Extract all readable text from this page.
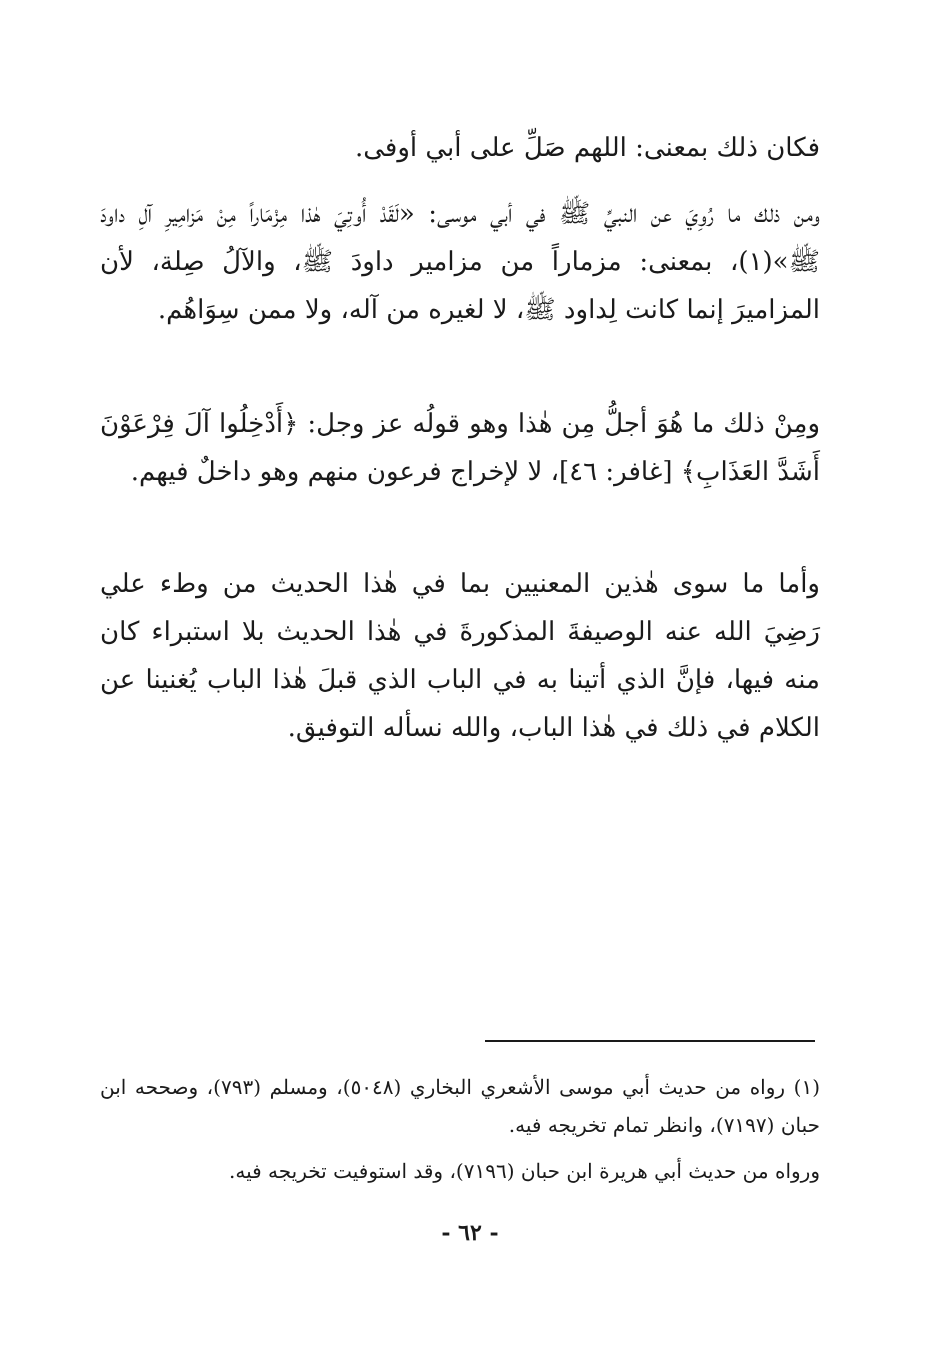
فكان ذلك بمعنى: اللهم صَلِّ على أبي أوفى.

ومن ذلك ما رُوِيَ عن النبيِّ ﷺ في أبي موسى: «لَقَدْ أُوتِيَ هٰذا مِزْمَاراً مِنْ مَزامِيرِ آلِ داودَ ﷺ»(١)، بمعنى: مزماراً من مزامير داودَ ﷺ، والآلُ صِلة، لأن المزاميرَ إنما كانت لِداود ﷺ، لا لغيره من آله، ولا ممن سِوَاهُم.

ومِنْ ذلك ما هُوَ أجلُّ مِن هٰذا وهو قولُه عز وجل: ﴿أَدْخِلُوا آلَ فِرْعَوْنَ أَشَدَّ العَذَابِ﴾ [غافر: ٤٦]، لا لإخراج فرعون منهم وهو داخلٌ فيهم.

وأما ما سوى هٰذين المعنيين بما في هٰذا الحديث من وطء علي رَضِيَ الله عنه الوصيفةَ المذكورةَ في هٰذا الحديث بلا استبراء كان منه فيها، فإنَّ الذي أتينا به في الباب الذي قبلَ هٰذا الباب يُغنينا عن الكلام في ذلك في هٰذا الباب، والله نسأله التوفيق.

(١) رواه من حديث أبي موسى الأشعري البخاري (٥٠٤٨)، ومسلم (٧٩٣)، وصححه ابن حبان (٧١٩٧)، وانظر تمام تخريجه فيه.

ورواه من حديث أبي هريرة ابن حبان (٧١٩٦)، وقد استوفيت تخريجه فيه.

- ٦٢ -
